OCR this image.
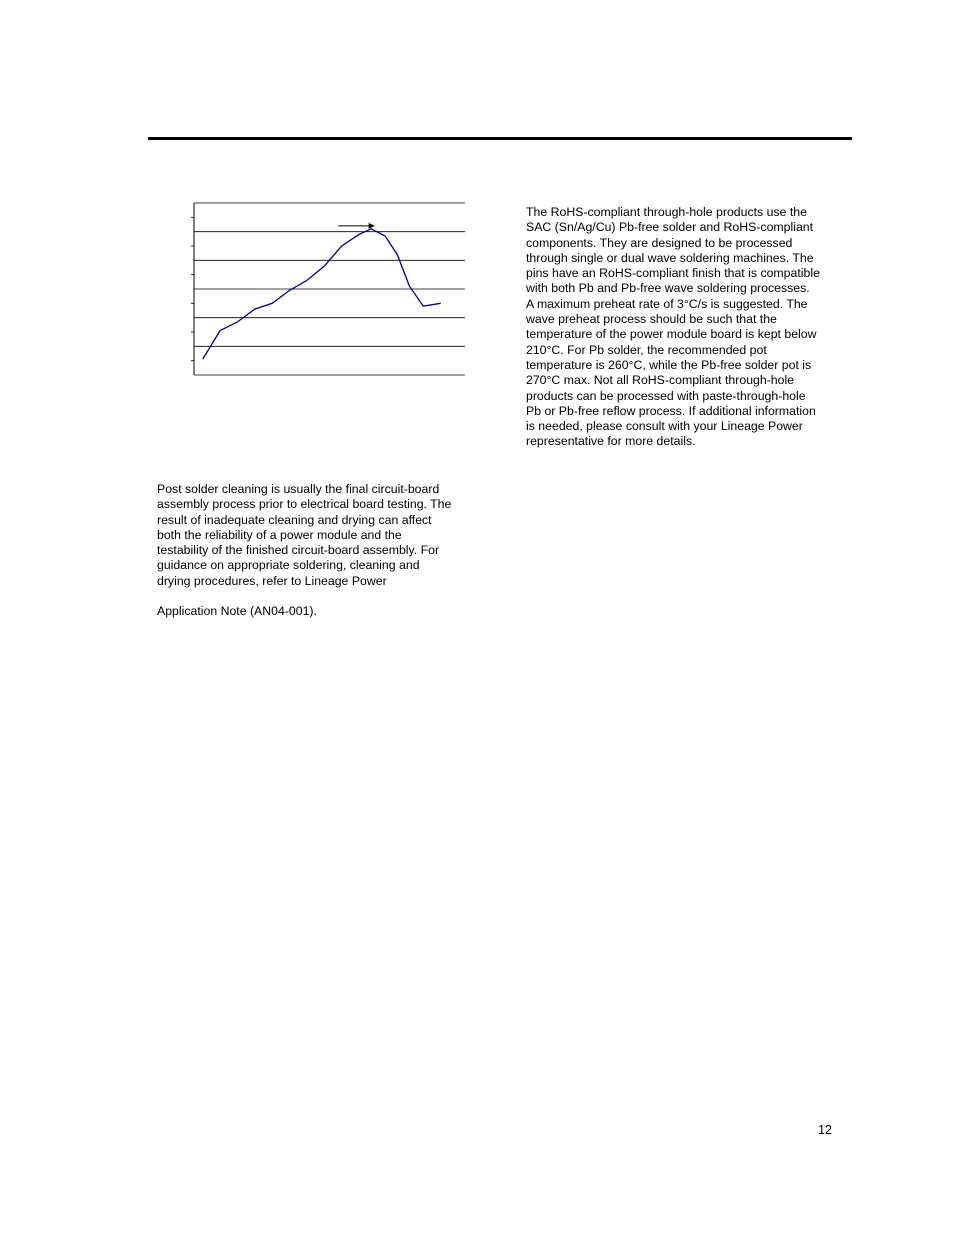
The RoHS-compliant through-hole products use the
SAC (Sn/Ag/Cu) Pb-free solder and RoHS-compliant
components. They are designed to be processed
through single or dual wave soldering machines. The
pins have an RoHS-compliant finish that is compatible
with both Pb and Pb-free wave soldering processes.
A maximum preheat rate of 3°C/s is suggested. The
wave preheat process should be such that the
temperature of the power module board is kept below
210°C. For Pb solder, the recommended pot
temperature is 260°C, while the Pb-free solder pot is
270°C max. Not all RoHS-compliant through-hole
products can be processed with paste-through-hole
Pb or Pb-free reflow process. If additional information
is needed, please consult with your Lineage Power
representative for more details.
Post solder cleaning is usually the final circuit-board
assembly process prior to electrical board testing. The
result of inadequate cleaning and drying can affect
both the reliability of a power module and the
testability of the finished circuit-board assembly. For
guidance on appropriate soldering, cleaning and
drying procedures, refer to Lineage Power
Application Note (AN04-001).
12
